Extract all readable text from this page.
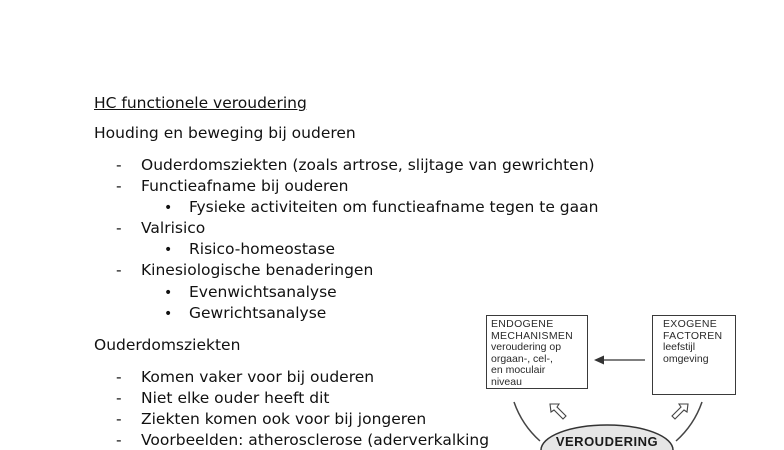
HC functionele veroudering
Houding en beweging bij ouderen
- Ouderdomsziekten (zoals artrose, slijtage van gewrichten)
- Functieafname bij ouderen
• Fysieke activiteiten om functieafname tegen te gaan
- Valrisico
• Risico-homeostase
- Kinesiologische benaderingen
• Evenwichtsanalyse
• Gewrichtsanalyse
Ouderdomsziekten
- Komen vaker voor bij ouderen
- Niet elke ouder heeft dit
- Ziekten komen ook voor bij jongeren
- Voorbeelden: atherosclerose (aderverkalking	VEROUDERING
ENDOGENE
MECHANISMEN
veroudering op
orgaan-, cel-,
en moculair
niveau
EXOGENE
FACTOREN
leefstijl
omgeving
